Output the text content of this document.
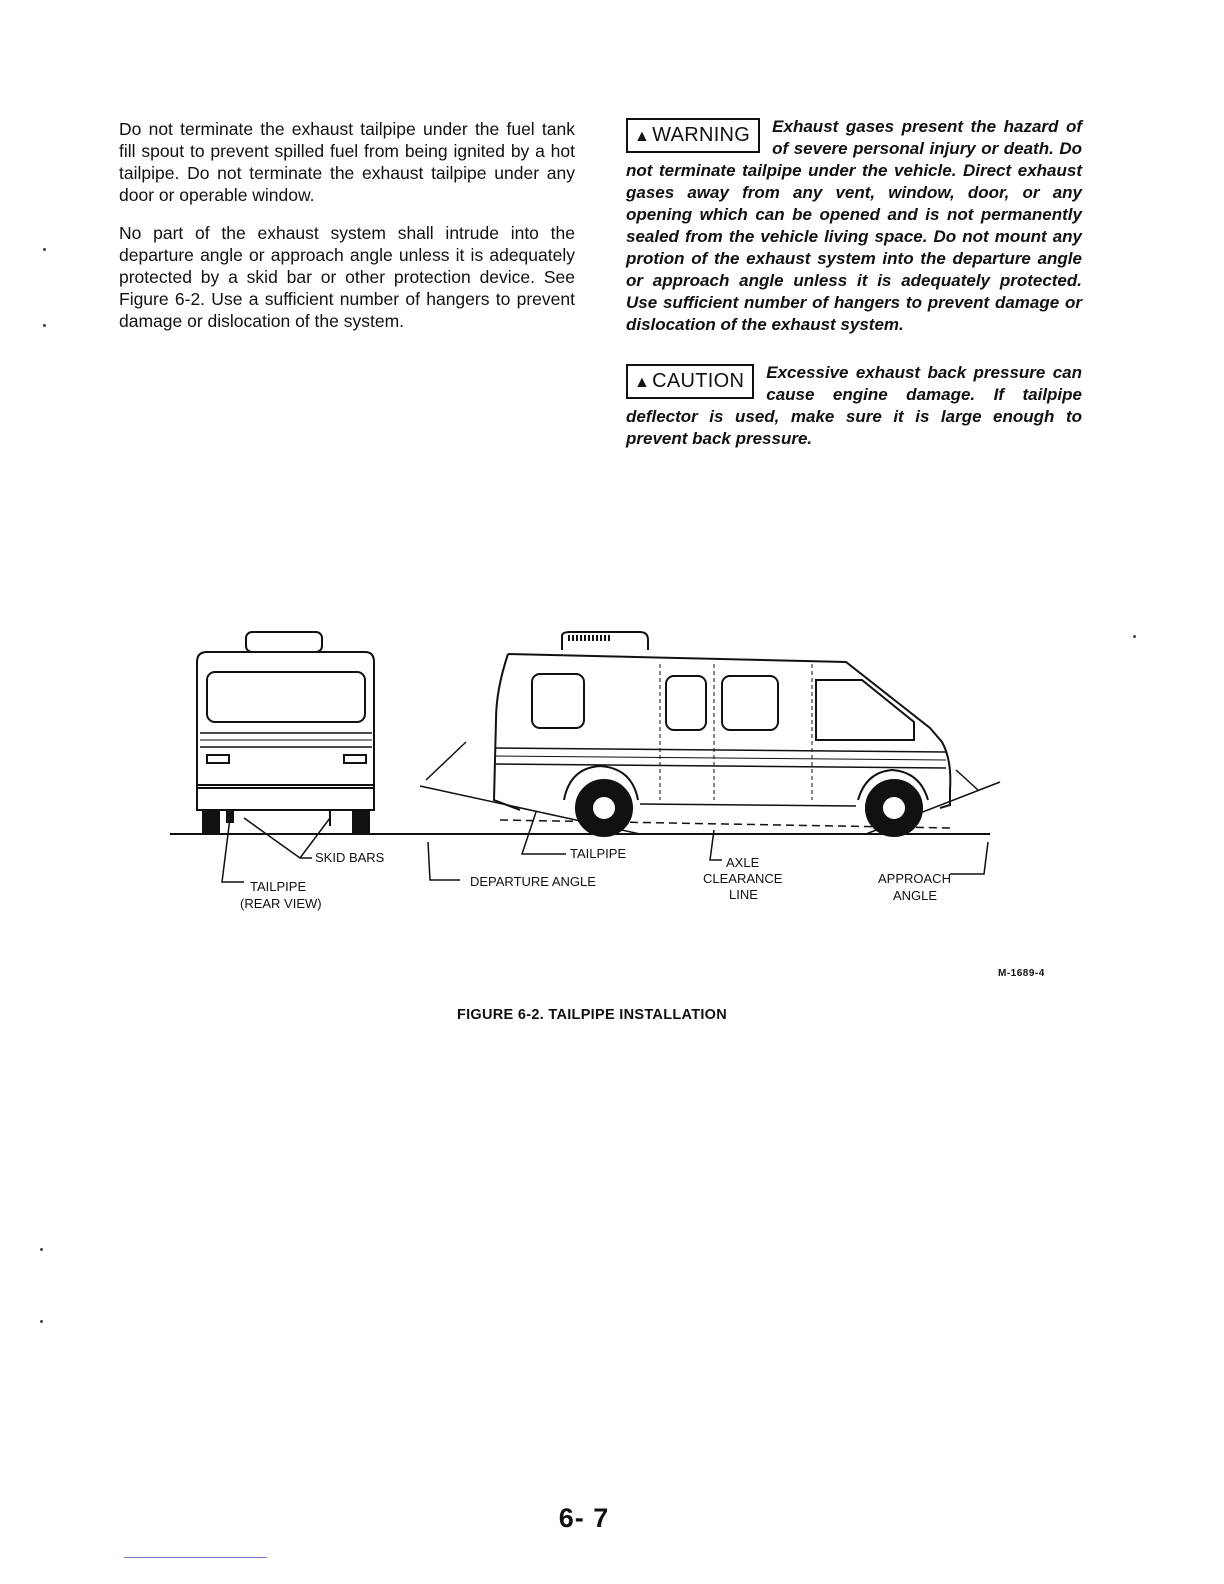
Do not terminate the exhaust tailpipe under the fuel tank fill spout to prevent spilled fuel from being ignited by a hot tailpipe. Do not terminate the exhaust tailpipe under any door or operable window.

No part of the exhaust system shall intrude into the departure angle or approach angle unless it is adequately protected by a skid bar or other protection device. See Figure 6-2. Use a sufficient number of hangers to prevent damage or dislocation of the system.

▲ WARNING	Exhaust gases present the hazard of of severe personal injury or death. Do not terminate tailpipe under the vehicle. Direct exhaust gases away from any vent, window, door, or any opening which can be opened and is not permanently sealed from the vehicle living space. Do not mount any protion of the exhaust system into the departure angle or approach angle unless it is adequately protected. Use sufficient number of hangers to prevent damage or dislocation of the exhaust system.
▲ CAUTION	Excessive exhaust back pressure can cause engine damage. If tailpipe deflector is used, make sure it is large enough to prevent back pressure.
SKID BARS
TAILPIPE
(REAR VIEW)
DEPARTURE ANGLE
TAILPIPE
AXLE
CLEARANCE
LINE
APPROACH
ANGLE
M-1689-4
FIGURE 6-2. TAILPIPE INSTALLATION
6- 7
